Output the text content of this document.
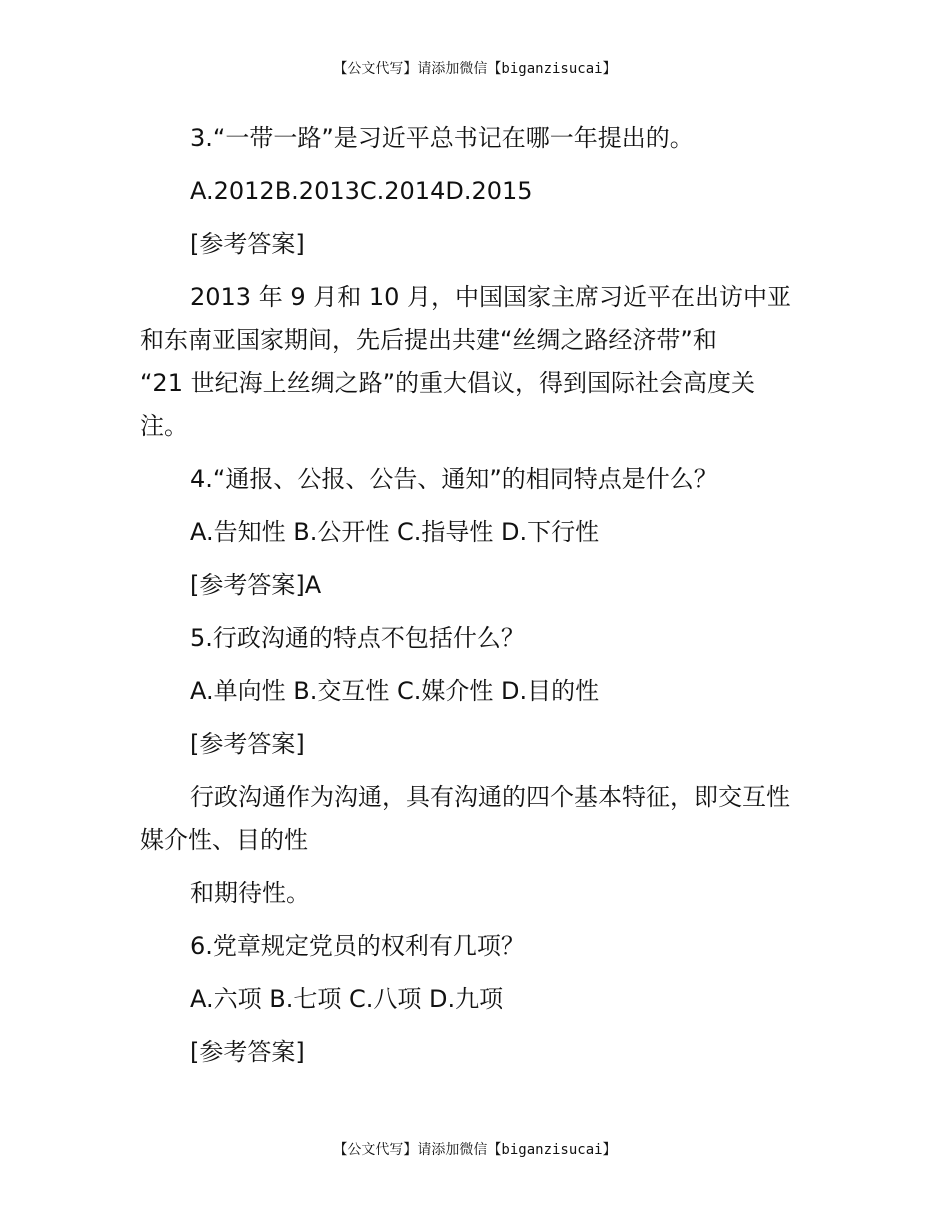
【公文代写】请添加微信【biganzisucai】
3.“一带一路”是习近平总书记在哪一年提出的。
A.2012B.2013C.2014D.2015
[参考答案]
2013 年 9 月和 10 月，中国国家主席习近平在出访中亚
和东南亚国家期间，先后提出共建“丝绸之路经济带”和
“21 世纪海上丝绸之路”的重大倡议，得到国际社会高度关
注。
4.“通报、公报、公告、通知”的相同特点是什么？
A.告知性 B.公开性 C.指导性 D.下行性
[参考答案]A
5.行政沟通的特点不包括什么？
A.单向性 B.交互性 C.媒介性 D.目的性
[参考答案]
行政沟通作为沟通，具有沟通的四个基本特征，即交互性
媒介性、目的性
和期待性。
6.党章规定党员的权利有几项？
A.六项 B.七项 C.八项 D.九项
[参考答案]
【公文代写】请添加微信【biganzisucai】
